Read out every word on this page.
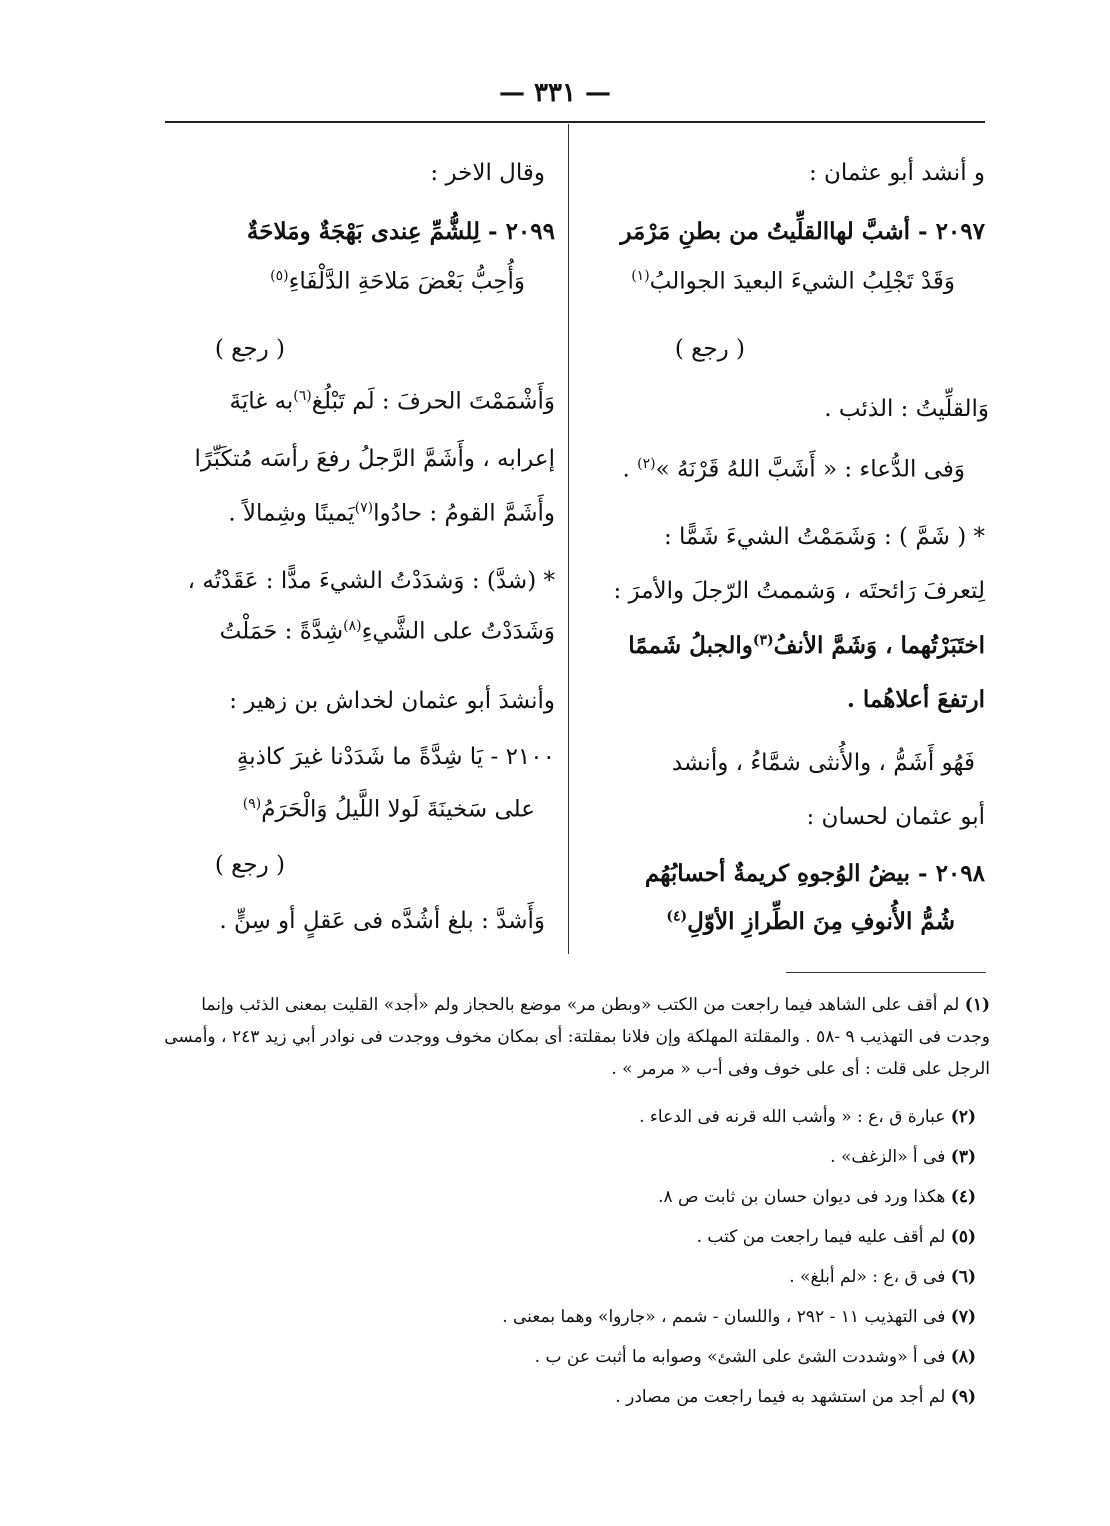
— ٣٣١ —
و أنشد أبو عثمان :
٢٠٩٧ - أشبَّ لهاالقلِّيتُ من بطنِ مَرْمَر
وَقَدْ تَجْلِبُ الشيءَ البعيدَ الجوالبُ$^{(١)}$
( رجع )
وَالقلِّيتُ : الذئب .
وَفى الدُّعاء : « أَشَبَّ اللهُ قَرْنَهُ »$^{(٢)}$ .
* ( شَمَّ ) : وَشَمَمْتُ الشيءَ شَمًّا :
لِتعرفَ رَائحتَه ، وَشممتُ الرّجلَ والأمرَ :
اختَبَرْتُهما ، وَشَمَّ الأنفُ$^{(٣)}$والجبلُ شَممًا
ارتفعَ أعلاهُما .
فَهُو أَشَمُّ ، والأُنثى شمَّاءُ ، وأنشد
أبو عثمان لحسان :
٢٠٩٨ - بيضُ الوُجوهِ كريمةٌ أحسابُهُم
شُمُّ الأُنوفِ مِنَ الطِّرازِ الأوّلِ$^{(٤)}$
وقال الاخر :
٢٠٩٩ - لِلشُّمِّ عِندى بَهْجَةٌ ومَلاحَةٌ
وَأُحِبُّ بَعْضَ مَلاحَةِ الدَّلْفَاءِ$^{(٥)}$
( رجع )
وَأَشْمَمْتَ الحرفَ : لَم تَبْلُغ$^{(٦)}$به غايَةَ
إعرابه ، وأَشَمَّ الرَّجلُ رفعَ رأسَه مُتكَبِّرًا
وأَشَمَّ القومُ : حادُوا$^{(٧)}$يَمينًا وشِمالاً .
* (شدَّ) : وَشدَدْتُ الشيءَ مدًّا : عَقَدْتُه ،
وَشَدَدْتُ على الشَّيءِ$^{(٨)}$شِدَّةً : حَمَلْتُ
وأنشدَ أبو عثمان لخداش بن زهير :
٢١٠٠ - يَا شِدَّةً ما شَدَدْنا غيرَ كاذبةٍ
على سَخينَةَ لَولا اللَّيلُ وَالْحَرَمُ$^{(٩)}$
( رجع )
وَأَشدَّ : بلغ أشُدَّه فى عَقلٍ أو سِنٍّ .
(١) لم أقف على الشاهد فيما راجعت من الكتب «وبطن مر» موضع بالحجاز ولم «أجد» القليت بمعنى الذئب وإنما وجدت فى التهذيب ٩ -٥٨ . والمقلتة المهلكة وإن فلانا بمقلتة: أى بمكان مخوف ووجدت فى نوادر أبي زيد ٢٤٣ ، وأمسى الرجل على قلت : أى على خوف وفى أ-ب « مرمر » .
(٢) عبارة ق ،ع : « وأشب الله قرنه فى الدعاء .
(٣) فى أ «الزغف» .
(٤) هكذا ورد فى ديوان حسان بن ثابت ص ٨.
(٥) لم أقف عليه فيما راجعت من كتب .
(٦) فى ق ،ع : «لم أبلغ» .
(٧) فى التهذيب ١١ - ٢٩٢ ، واللسان - شمم ، «جاروا» وهما بمعنى .
(٨) فى أ «وشددت الشئ على الشئ» وصوابه ما أثبت عن ب .
(٩) لم أجد من استشهد به فيما راجعت من مصادر .
